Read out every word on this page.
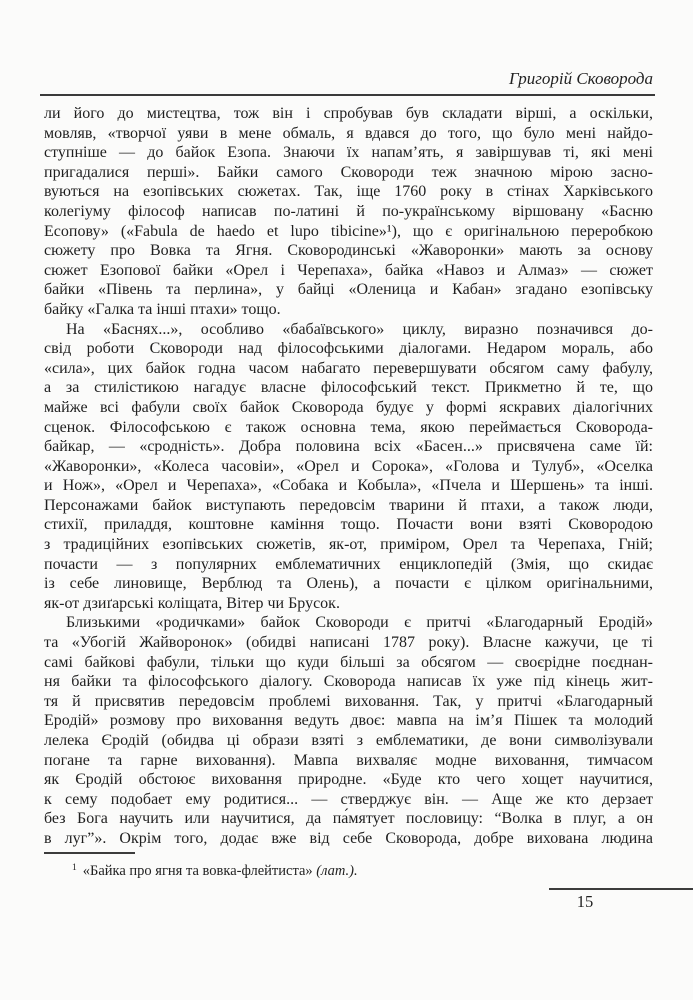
Григорій Сковорода
ли його до мистецтва, тож він і спробував був складати вірші, а оскільки,
мовляв, «творчої уяви в мене обмаль, я вдався до того, що було мені найдо-
ступніше — до байок Езопа. Знаючи їх напам’ять, я завіршував ті, які мені
пригадалися перші». Байки самого Сковороди теж значною мірою засно-
вуються на езопівських сюжетах. Так, іще 1760 року в стінах Харківського
колегіуму філософ написав по-латині й по-українському віршовану «Басню
Есопову» («Fabula de haedo et lupo tibicine»¹), що є оригінальною переробкою
сюжету про Вовка та Ягня. Сковородинські «Жаворонки» мають за основу
сюжет Езопової байки «Орел і Черепаха», байка «Навоз и Алмаз» — сюжет
байки «Півень та перлина», у байці «Оленица и Кабан» згадано езопівську
байку «Галка та інші птахи» тощо.
На «Баснях...», особливо «бабаївського» циклу, виразно позначився до-
свід роботи Сковороди над філософськими діалогами. Недаром мораль, або
«сила», цих байок годна часом набагато перевершувати обсягом саму фабулу,
а за стилістикою нагадує власне філософський текст. Прикметно й те, що
майже всі фабули своїх байок Сковорода будує у формі яскравих діалогічних
сценок. Філософською є також основна тема, якою переймається Сковорода-
байкар, — «сродність». Добра половина всіх «Басен...» присвячена саме їй:
«Жаворонки», «Колеса часовіи», «Орел и Сорока», «Голова и Тулуб», «Оселка
и Нож», «Орел и Черепаха», «Собака и Кобыла», «Пчела и Шершень» та інші.
Персонажами байок виступають передовсім тварини й птахи, а також люди,
стихії, приладдя, коштовне каміння тощо. Почасти вони взяті Сковородою
з традиційних езопівських сюжетів, як-от, приміром, Орел та Черепаха, Гній;
почасти — з популярних емблематичних енциклопедій (Змія, що скидає
із себе линовище, Верблюд та Олень), а почасти є цілком оригінальними,
як-от дзиґарські коліщата, Вітер чи Брусок.
Близькими «родичками» байок Сковороди є притчі «Благодарный Еродій»
та «Убогій Жайворонок» (обидві написані 1787 року). Власне кажучи, це ті
самі байкові фабули, тільки що куди більші за обсягом — своєрідне поєднан-
ня байки та філософського діалогу. Сковорода написав їх уже під кінець жит-
тя й присвятив передовсім проблемі виховання. Так, у притчі «Благодарный
Еродій» розмову про виховання ведуть двоє: мавпа на ім’я Пішек та молодий
лелека Єродій (обидва ці образи взяті з емблематики, де вони символізували
погане та гарне виховання). Мавпа вихваляє модне виховання, тимчасом
як Єродій обстоює виховання природне. «Буде кто чего хощет научитися,
к сему подобает ему родитися... — стверджує він. — Аще же кто дерзает
без Бога научить или научитися, да па́мятует пословицу: “Волка в плуг, а он
в луг”». Окрім того, додає вже від себе Сковорода, добре вихована людина
$^1$ «Байка про ягня та вовка-флейтиста» (лат.).
15
